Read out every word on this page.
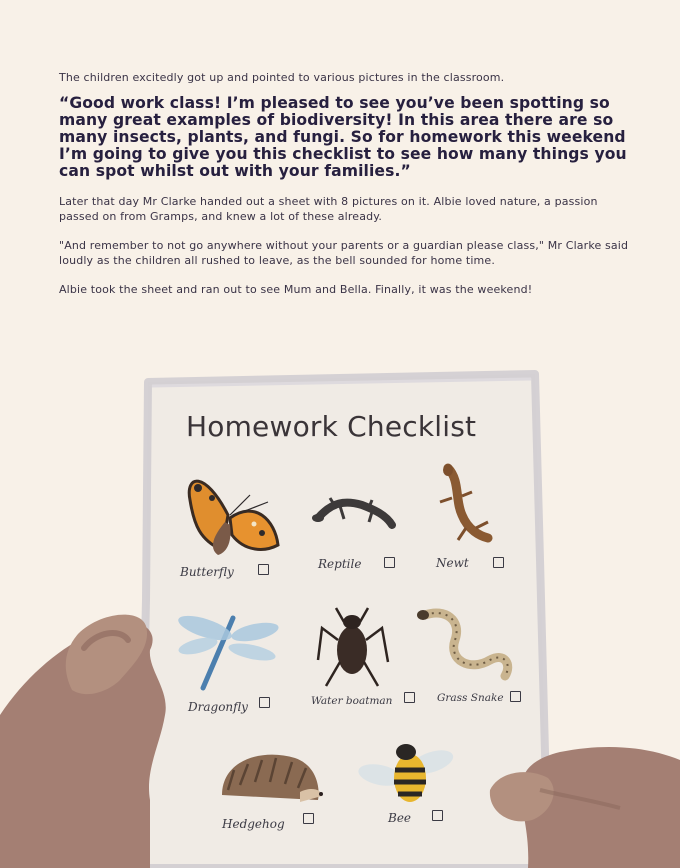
The children excitedly got up and pointed to various pictures in the classroom.

“Good work class! I’m pleased to see you’ve been spotting so many great examples of biodiversity! In this area there are so many insects, plants, and fungi. So for homework this weekend I’m going to give you this checklist to see how many things you can spot whilst out with your families.”

Later that day Mr Clarke handed out a sheet with 8 pictures on it. Albie loved nature, a passion passed on from Gramps, and knew a lot of these already.

"And remember to not go anywhere without your parents or a guardian please class," Mr Clarke said loudly as the children all rushed to leave, as the bell sounded for home time.

Albie took the sheet and ran out to see Mum and Bella. Finally, it was the weekend!

Homework Checklist
Butterfly
Reptile	Newt
Dragonfly	Water boatman	Grass Snake
Hedgehog	Bee
